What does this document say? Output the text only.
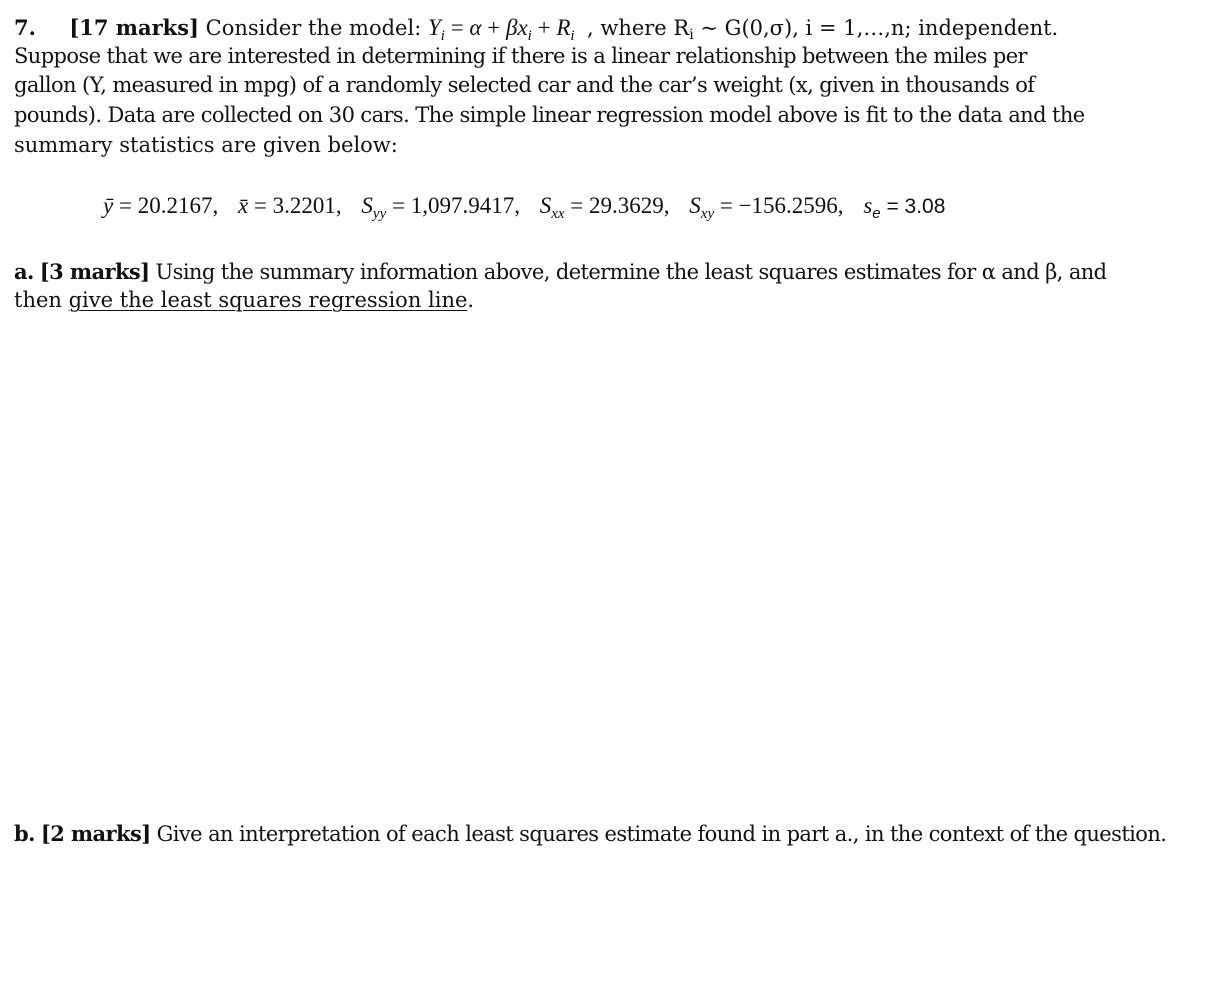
7. [17 marks] Consider the model: $Y_i = \alpha + \beta x_i + R_i$  , where Ri ~ G(0,σ), i = 1,…,n; independent.
Suppose that we are interested in determining if there is a linear relationship between the miles per
gallon (Y, measured in mpg) of a randomly selected car and the car’s weight (x, given in thousands of
pounds). Data are collected on 30 cars. The simple linear regression model above is fit to the data and the
summary statistics are given below:
ȳ = 20.2167, x̄ = 3.2201, $S_{yy} = 1,097.9417$, $S_{xx} = 29.3629$, $S_{xy} = -156.2596$, $s_e = 3.08$
a. [3 marks] Using the summary information above, determine the least squares estimates for α and β, and
then give the least squares regression line.
b. [2 marks] Give an interpretation of each least squares estimate found in part a., in the context of the question.
